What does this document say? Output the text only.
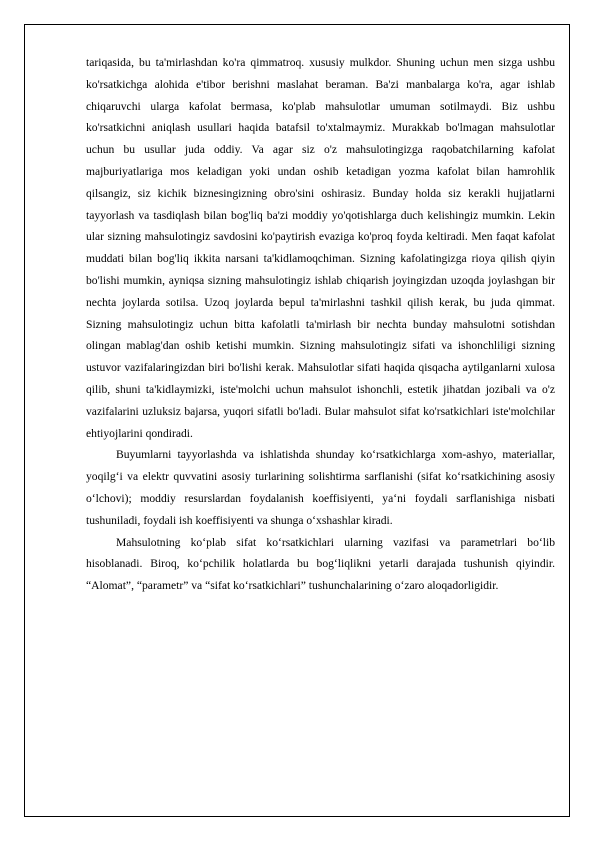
tariqasida, bu ta'mirlashdan ko'ra qimmatroq. xususiy mulkdor. Shuning uchun men sizga ushbu ko'rsatkichga alohida e'tibor berishni maslahat beraman. Ba'zi manbalarga ko'ra, agar ishlab chiqaruvchi ularga kafolat bermasa, ko'plab mahsulotlar umuman sotilmaydi. Biz ushbu ko'rsatkichni aniqlash usullari haqida batafsil to'xtalmaymiz. Murakkab bo'lmagan mahsulotlar uchun bu usullar juda oddiy. Va agar siz o'z mahsulotingizga raqobatchilarning kafolat majburiyatlariga mos keladigan yoki undan oshib ketadigan yozma kafolat bilan hamrohlik qilsangiz, siz kichik biznesingizning obro'sini oshirasiz. Bunday holda siz kerakli hujjatlarni tayyorlash va tasdiqlash bilan bog'liq ba'zi moddiy yo'qotishlarga duch kelishingiz mumkin. Lekin ular sizning mahsulotingiz savdosini ko'paytirish evaziga ko'proq foyda keltiradi. Men faqat kafolat muddati bilan bog'liq ikkita narsani ta'kidlamoqchiman. Sizning kafolatingizga rioya qilish qiyin bo'lishi mumkin, ayniqsa sizning mahsulotingiz ishlab chiqarish joyingizdan uzoqda joylashgan bir nechta joylarda sotilsa. Uzoq joylarda bepul ta'mirlashni tashkil qilish kerak, bu juda qimmat. Sizning mahsulotingiz uchun bitta kafolatli ta'mirlash bir nechta bunday mahsulotni sotishdan olingan mablag'dan oshib ketishi mumkin. Sizning mahsulotingiz sifati va ishonchliligi sizning ustuvor vazifalaringizdan biri bo'lishi kerak. Mahsulotlar sifati haqida qisqacha aytilganlarni xulosa qilib, shuni ta'kidlaymizki, iste'molchi uchun mahsulot ishonchli, estetik jihatdan jozibali va o'z vazifalarini uzluksiz bajarsa, yuqori sifatli bo'ladi. Bular mahsulot sifat ko'rsatkichlari iste'molchilar ehtiyojlarini qondiradi.

Buyumlarni tayyorlashda va ishlatishda shunday ko‘rsatkichlarga xom-ashyo, materiallar, yoqilg‘i va elektr quvvatini asosiy turlarining solishtirma sarflanishi (sifat ko‘rsatkichining asosiy o‘lchovi); moddiy resurslardan foydalanish koeffisiyenti, ya‘ni foydali sarflanishiga nisbati tushuniladi, foydali ish koeffisiyenti va shunga o‘xshashlar kiradi.

Mahsulotning ko‘plab sifat ko‘rsatkichlari ularning vazifasi va parametrlari bo‘lib hisoblanadi. Biroq, ko‘pchilik holatlarda bu bog‘liqlikni yetarli darajada tushunish qiyindir. “Alomat”, “parametr” va “sifat ko‘rsatkichlari” tushunchalarining o‘zaro aloqadorligidir.
